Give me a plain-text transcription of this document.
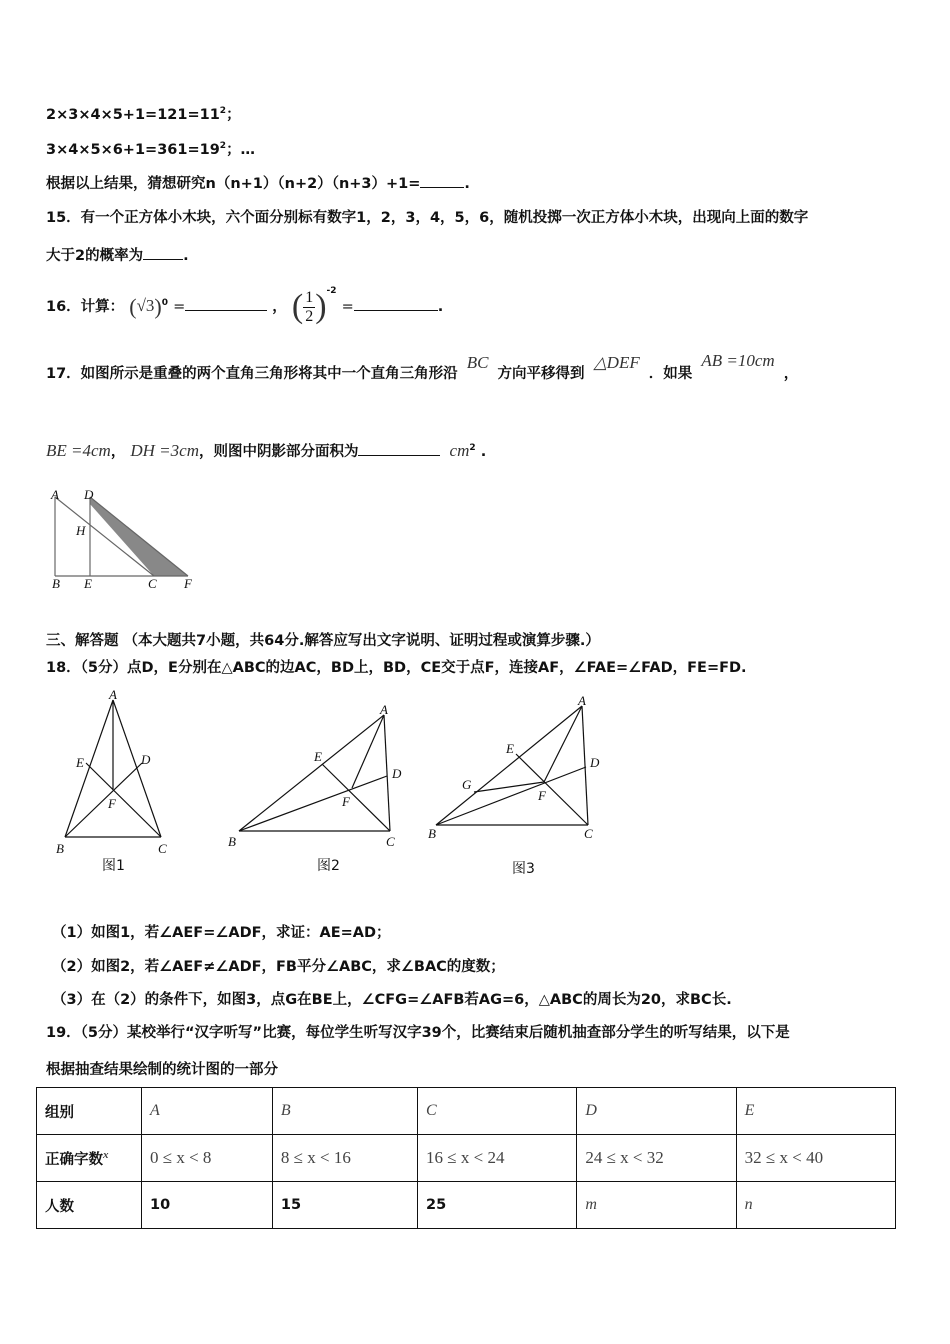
$2\times 3\times 4\times 5+1=121=11^2$；
$3\times 4\times 5\times 6+1=361=19^2$；…
根据以上结果，猜想研究n（n+1）（n+2）（n+3）+1=	.
15．有一个正方体小木块，六个面分别标有数字1，2，3，4，5，6，随机投掷一次正方体小木块，出现向上面的数字
大于2的概率为	.
16．计算： $(√3)^0$ =	， ( $\frac{1}{2} )^{-2}$ =	.
17．如图所示是重叠的两个直角三角形将其中一个直角三角形沿 BC 方向平移得到 △DEF ．如果 AB =10cm ，
BE =4cm， DH =3cm，则图中阴影部分面积为	$cm^2$ .
A D
H
B E	C F
三、解答题 （本大题共7小题，共64分.解答应写出文字说明、证明过程或演算步骤.）
18．（5分）点D，E分别在△ABC的边AC，BD上，BD，CE交于点F，连接AF，∠FAE=∠FAD，FE=FD.
A
E	D
F
B	C
图1
A
E
D
F
B	C
图2
A
E
D
G
F
B	C
图3
（1）如图1，若∠AEF=∠ADF，求证：AE=AD；
（2）如图2，若∠AEF≠∠ADF，FB平分∠ABC，求∠BAC的度数；
（3）在（2）的条件下，如图3，点G在BE上，∠CFG=∠AFB若AG=6，△ABC的周长为20，求BC长.
19．（5分）某校举行“汉字听写”比赛，每位学生听写汉字39个，比赛结束后随机抽查部分学生的听写结果，以下是
根据抽查结果绘制的统计图的一部分
组别	A	B	C	D	E
正确字数$^x$	0 ≤ x < 8	8 ≤ x < 16	16 ≤ x < 24	24 ≤ x < 32	32 ≤ x < 40
人数	10	15	25	m	n
